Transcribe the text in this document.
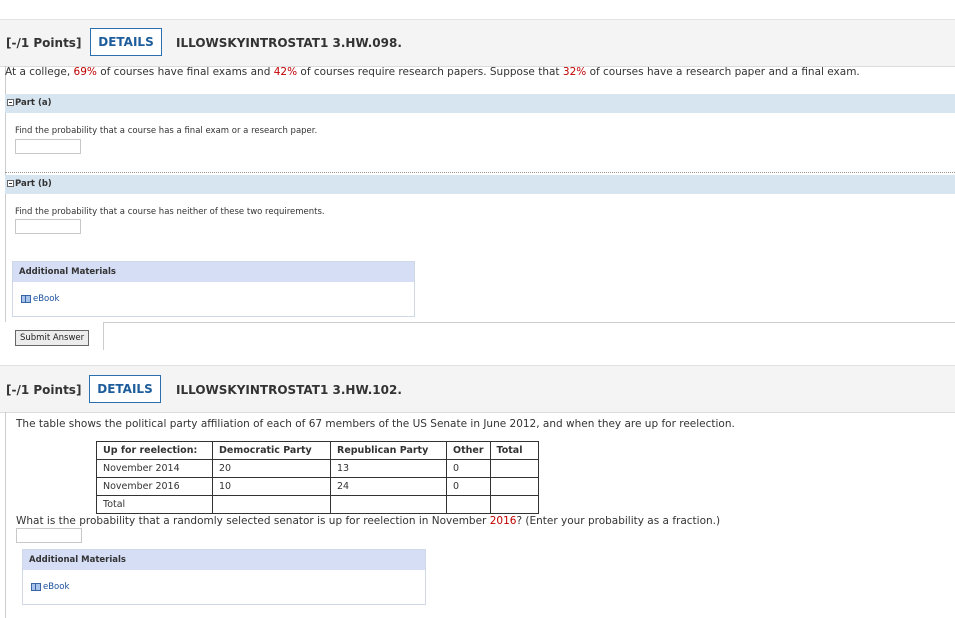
[-/1 Points]	DETAILS	ILLOWSKYINTROSTAT1 3.HW.098.
At a college, 69% of courses have final exams and 42% of courses require research papers. Suppose that 32% of courses have a research paper and a final exam.
Part (a)
Find the probability that a course has a final exam or a research paper.
Part (b)
Find the probability that a course has neither of these two requirements.
Additional Materials
eBook
Submit Answer
[-/1 Points]	DETAILS	ILLOWSKYINTROSTAT1 3.HW.102.
The table shows the political party affiliation of each of 67 members of the US Senate in June 2012, and when they are up for reelection.
Up for reelection:	Democratic Party	Republican Party	Other	Total
November 2014	20	13	0	
November 2016	10	24	0	
Total				
What is the probability that a randomly selected senator is up for reelection in November 2016? (Enter your probability as a fraction.)
Additional Materials
eBook
